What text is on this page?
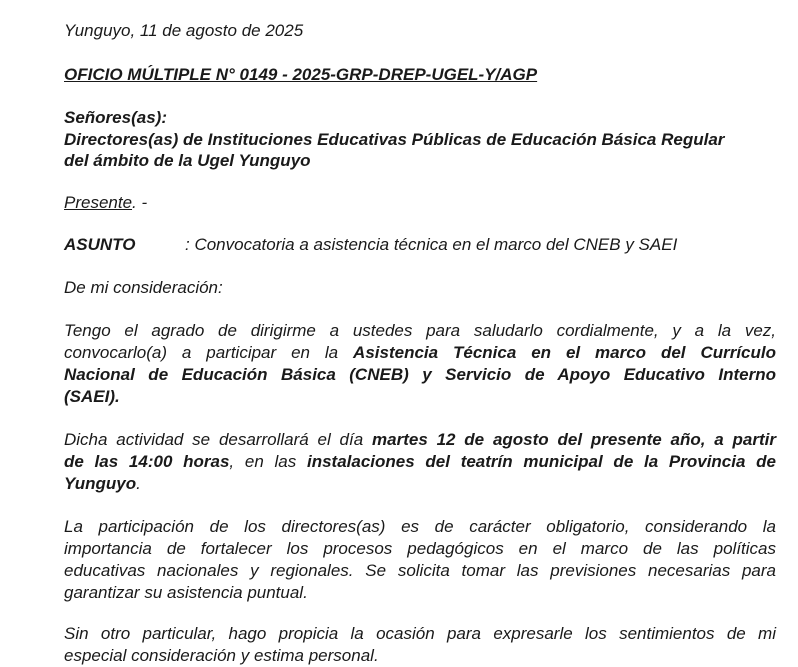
Yunguyo, 11 de agosto de 2025
OFICIO MÚLTIPLE N° 0149 - 2025-GRP-DREP-UGEL-Y/AGP
Señores(as):
Directores(as) de Instituciones Educativas Públicas de Educación Básica Regular
del ámbito de la Ugel Yunguyo
Presente. -
ASUNTO	: Convocatoria a asistencia técnica en el marco del CNEB y SAEI
De mi consideración:
Tengo el agrado de dirigirme a ustedes para saludarlo cordialmente, y a la vez,
convocarlo(a) a participar en la Asistencia Técnica en el marco del Currículo
Nacional de Educación Básica (CNEB) y Servicio de Apoyo Educativo Interno
(SAEI).
Dicha actividad se desarrollará el día martes 12 de agosto del presente año, a partir
de las 14:00 horas, en las instalaciones del teatrín municipal de la Provincia de
Yunguyo.
La participación de los directores(as) es de carácter obligatorio, considerando la
importancia de fortalecer los procesos pedagógicos en el marco de las políticas
educativas nacionales y regionales. Se solicita tomar las previsiones necesarias para
garantizar su asistencia puntual.
Sin otro particular, hago propicia la ocasión para expresarle los sentimientos de mi
especial consideración y estima personal.
